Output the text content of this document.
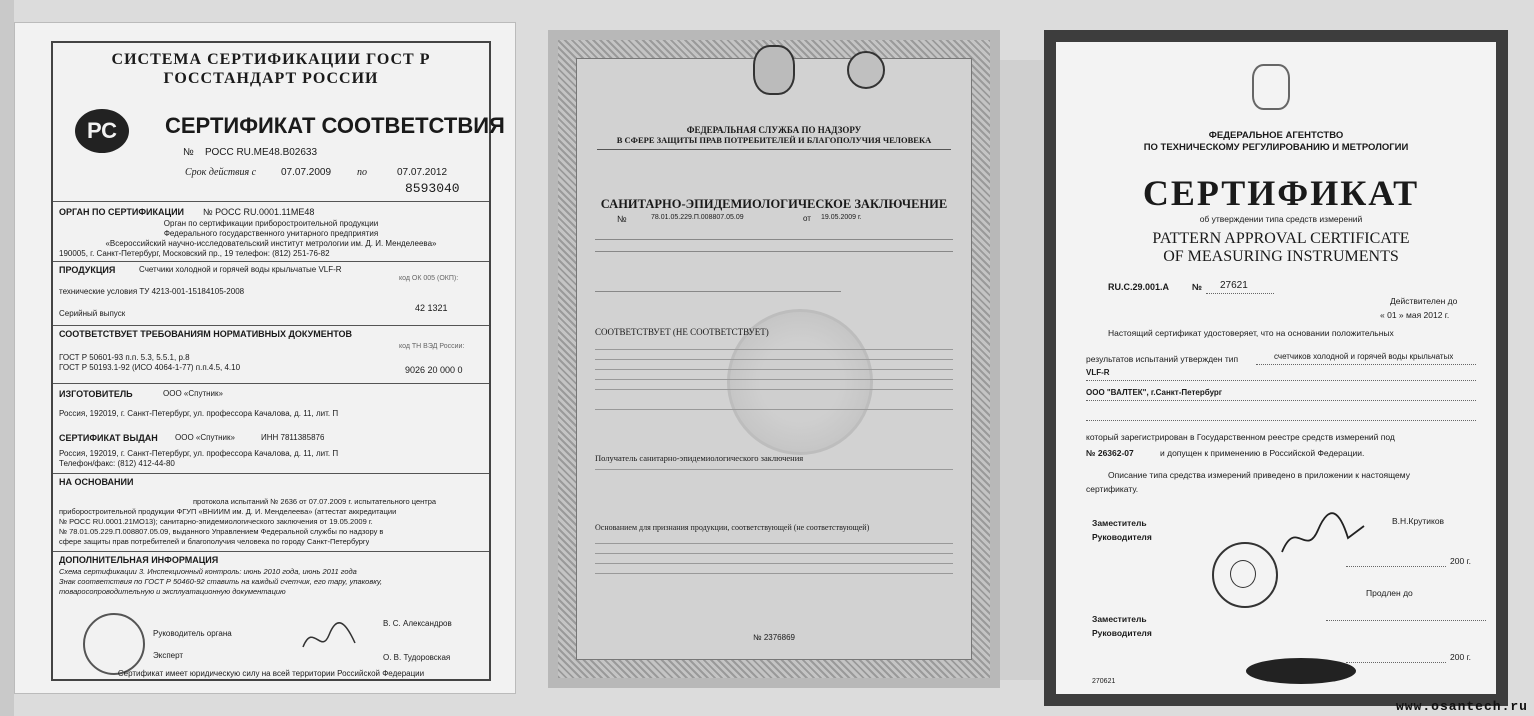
СИСТЕМА СЕРТИФИКАЦИИ ГОСТ Р
ГОССТАНДАРТ РОССИИ
РС	СЕРТИФИКАТ СООТВЕТСТВИЯ
№ РОСС RU.МЕ48.В02633
Срок действия с 07.07.2009	по	07.07.2012
8593040
ОРГАН ПО СЕРТИФИКАЦИИ № РОСС RU.0001.11МЕ48
Орган по сертификации приборостроительной продукции
Федерального государственного унитарного предприятия
«Всероссийский научно-исследовательский институт метрологии им. Д. И. Менделеева»
190005, г. Санкт-Петербург, Московский пр., 19 телефон: (812) 251-76-82
ПРОДУКЦИЯ	Счетчики холодной и горячей воды крыльчатые VLF-R
код ОК 005 (ОКП):
технические условия ТУ 4213-001-15184105-2008
Серийный выпуск
42 1321
СООТВЕТСТВУЕТ ТРЕБОВАНИЯМ НОРМАТИВНЫХ ДОКУМЕНТОВ
код ТН ВЭД России:
ГОСТ Р 50601-93 п.п. 5.3, 5.5.1, р.8
ГОСТ Р 50193.1-92 (ИСО 4064-1-77) п.п.4.5, 4.10	9026 20 000 0
ИЗГОТОВИТЕЛЬ	ООО «Спутник»
Россия, 192019, г. Санкт-Петербург, ул. профессора Качалова, д. 11, лит. П
СЕРТИФИКАТ ВЫДАН ООО «Спутник»	ИНН 7811385876
Россия, 192019, г. Санкт-Петербург, ул. профессора Качалова, д. 11, лит. П
Телефон/факс: (812) 412-44-80
НА ОСНОВАНИИ
протокола испытаний № 2636 от 07.07.2009 г. испытательного центра
приборостроительной продукции ФГУП «ВНИИМ им. Д. И. Менделеева» (аттестат аккредитации
№ РОСС RU.0001.21МО13); санитарно-эпидемиологического заключения от 19.05.2009 г.
№ 78.01.05.229.П.008807.05.09, выданного Управлением Федеральной службы по надзору в
сфере защиты прав потребителей и благополучия человека по городу Санкт-Петербургу
ДОПОЛНИТЕЛЬНАЯ ИНФОРМАЦИЯ
Схема сертификации 3. Инспекционный контроль: июнь 2010 года, июнь 2011 года
Знак соответствия по ГОСТ Р 50460-92 ставить на каждый счетчик, его тару, упаковку,
товаросопроводительную и эксплуатационную документацию
Руководитель органа
В. С. Александров
Эксперт	О. В. Тудоровская
Сертификат имеет юридическую силу на всей территории Российской Федерации
ФЕДЕРАЛЬНАЯ СЛУЖБА ПО НАДЗОРУ
В СФЕРЕ ЗАЩИТЫ ПРАВ ПОТРЕБИТЕЛЕЙ И БЛАГОПОЛУЧИЯ ЧЕЛОВЕКА
САНИТАРНО-ЭПИДЕМИОЛОГИЧЕСКОЕ ЗАКЛЮЧЕНИЕ
№	78.01.05.229.П.008807.05.09	от 19.05.2009 г.
СООТВЕТСТВУЕТ (НЕ СООТВЕТСТВУЕТ)
Получатель санитарно-эпидемиологического заключения
Основанием для признания продукции, соответствующей (не соответствующей)
№ 2376869
ФЕДЕРАЛЬНОЕ АГЕНТСТВО
ПО ТЕХНИЧЕСКОМУ РЕГУЛИРОВАНИЮ И МЕТРОЛОГИИ
СЕРТИФИКАТ
об утверждении типа средств измерений
PATTERN APPROVAL CERTIFICATE
OF MEASURING INSTRUMENTS
RU.C.29.001.A	№ 27621
Действителен до
« 01 » мая 2012 г.
Настоящий сертификат удостоверяет, что на основании положительных
результатов испытаний утвержден тип	счетчиков холодной и горячей воды крыльчатых
VLF-R
ООО "ВАЛТЕК", г.Санкт-Петербург
который зарегистрирован в Государственном реестре средств измерений под
№ 26362-07	и допущен к применению в Российской Федерации.
Описание типа средства измерений приведено в приложении к настоящему
сертификату.
Заместитель
Руководителя
В.Н.Крутиков
200 г.
Продлен до
Заместитель
Руководителя
200 г.
270621
www.osantech.ru
